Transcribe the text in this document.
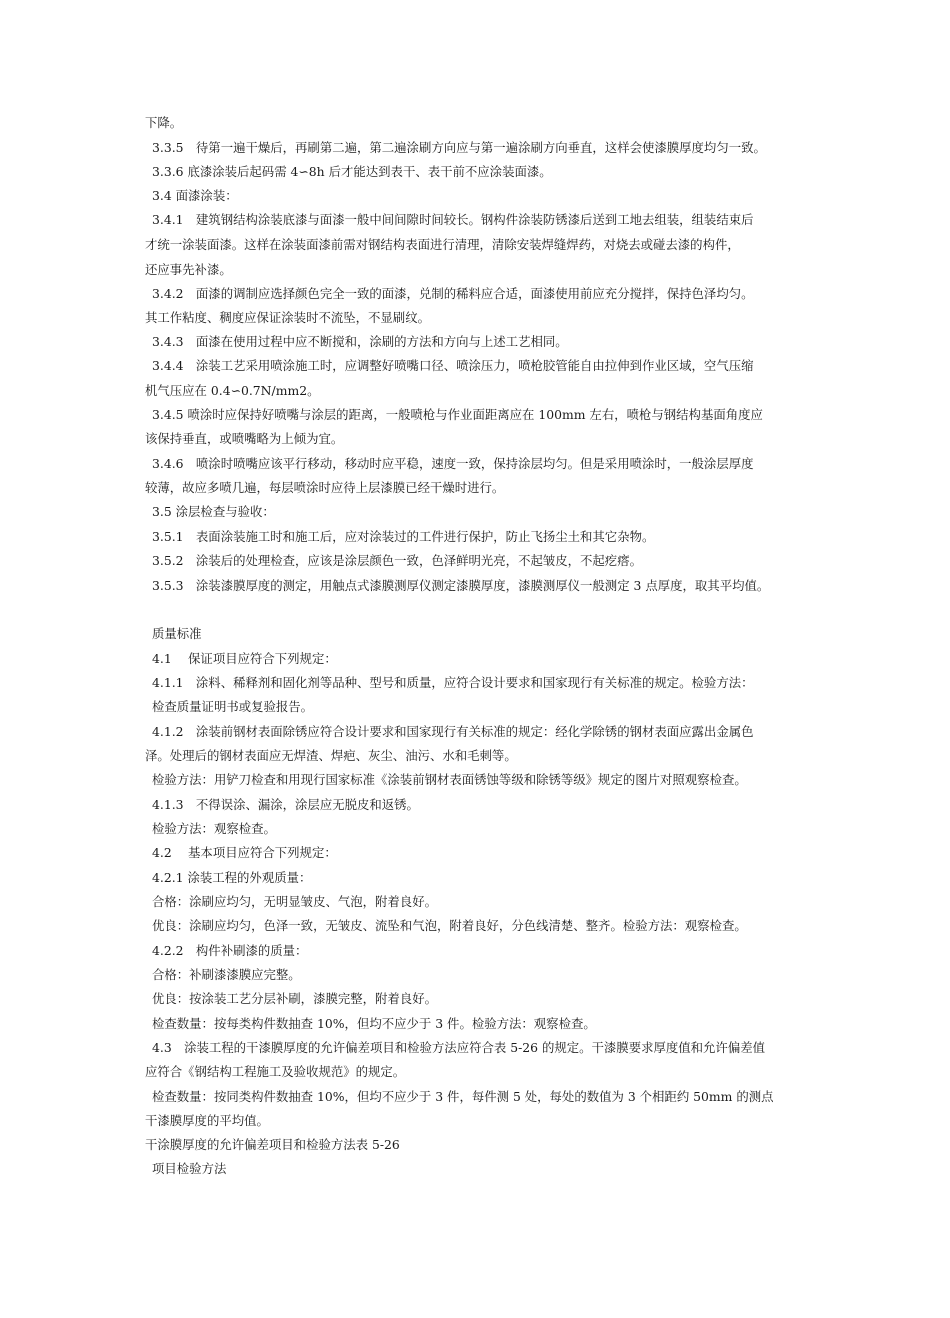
下降。
3.3.5　待第一遍干燥后，再刷第二遍，第二遍涂刷方向应与第一遍涂刷方向垂直，这样会使漆膜厚度均匀一致。
3.3.6 底漆涂装后起码需 4∽8h 后才能达到表干、表干前不应涂装面漆。
3.4 面漆涂装：
3.4.1　建筑钢结构涂装底漆与面漆一般中间间隙时间较长。钢构件涂装防锈漆后送到工地去组装，组装结束后
才统一涂装面漆。这样在涂装面漆前需对钢结构表面进行清理，清除安装焊缝焊药，对烧去或碰去漆的构件，
还应事先补漆。
3.4.2　面漆的调制应选择颜色完全一致的面漆，兑制的稀料应合适，面漆使用前应充分搅拌，保持色泽均匀。
其工作粘度、稠度应保证涂装时不流坠，不显刷纹。
3.4.3　面漆在使用过程中应不断搅和，涂刷的方法和方向与上述工艺相同。
3.4.4　涂装工艺采用喷涂施工时，应调整好喷嘴口径、喷涂压力，喷枪胶管能自由拉伸到作业区域，空气压缩
机气压应在 0.4∽0.7N/mm2。
3.4.5 喷涂时应保持好喷嘴与涂层的距离，一般喷枪与作业面距离应在 100mm 左右，喷枪与钢结构基面角度应
该保持垂直，或喷嘴略为上倾为宜。
3.4.6　喷涂时喷嘴应该平行移动，移动时应平稳，速度一致，保持涂层均匀。但是采用喷涂时，一般涂层厚度
较薄，故应多喷几遍，每层喷涂时应待上层漆膜已经干燥时进行。
3.5 涂层检查与验收：
3.5.1　表面涂装施工时和施工后，应对涂装过的工件进行保护，防止飞扬尘土和其它杂物。
3.5.2　涂装后的处理检查，应该是涂层颜色一致，色泽鲜明光亮，不起皱皮，不起疙瘩。
3.5.3　涂装漆膜厚度的测定，用触点式漆膜测厚仪测定漆膜厚度，漆膜测厚仪一般测定 3 点厚度，取其平均值。
质量标准
4.1　 保证项目应符合下列规定：
4.1.1　涂料、稀释剂和固化剂等品种、型号和质量，应符合设计要求和国家现行有关标准的规定。检验方法：
检查质量证明书或复验报告。
4.1.2　涂装前钢材表面除锈应符合设计要求和国家现行有关标准的规定：经化学除锈的钢材表面应露出金属色
泽。处理后的钢材表面应无焊渣、焊疤、灰尘、油污、水和毛刺等。
检验方法：用铲刀检查和用现行国家标准《涂装前钢材表面锈蚀等级和除锈等级》规定的图片对照观察检查。
4.1.3　不得误涂、漏涂，涂层应无脱皮和返锈。
检验方法：观察检查。
4.2　 基本项目应符合下列规定：
4.2.1 涂装工程的外观质量：
合格：涂刷应均匀，无明显皱皮、气泡，附着良好。
优良：涂刷应均匀，色泽一致，无皱皮、流坠和气泡，附着良好，分色线清楚、整齐。检验方法：观察检查。
4.2.2　构件补刷漆的质量：
合格：补刷漆漆膜应完整。
优良：按涂装工艺分层补刷，漆膜完整，附着良好。
检查数量：按每类构件数抽查 10%，但均不应少于 3 件。检验方法：观察检查。
4.3　涂装工程的干漆膜厚度的允许偏差项目和检验方法应符合表 5-26 的规定。干漆膜要求厚度值和允许偏差值
应符合《钢结构工程施工及验收规范》的规定。
检查数量：按同类构件数抽查 10%，但均不应少于 3 件，每件测 5 处，每处的数值为 3 个相距约 50mm 的测点
干漆膜厚度的平均值。
干涂膜厚度的允许偏差项目和检验方法表 5-26
项目检验方法
